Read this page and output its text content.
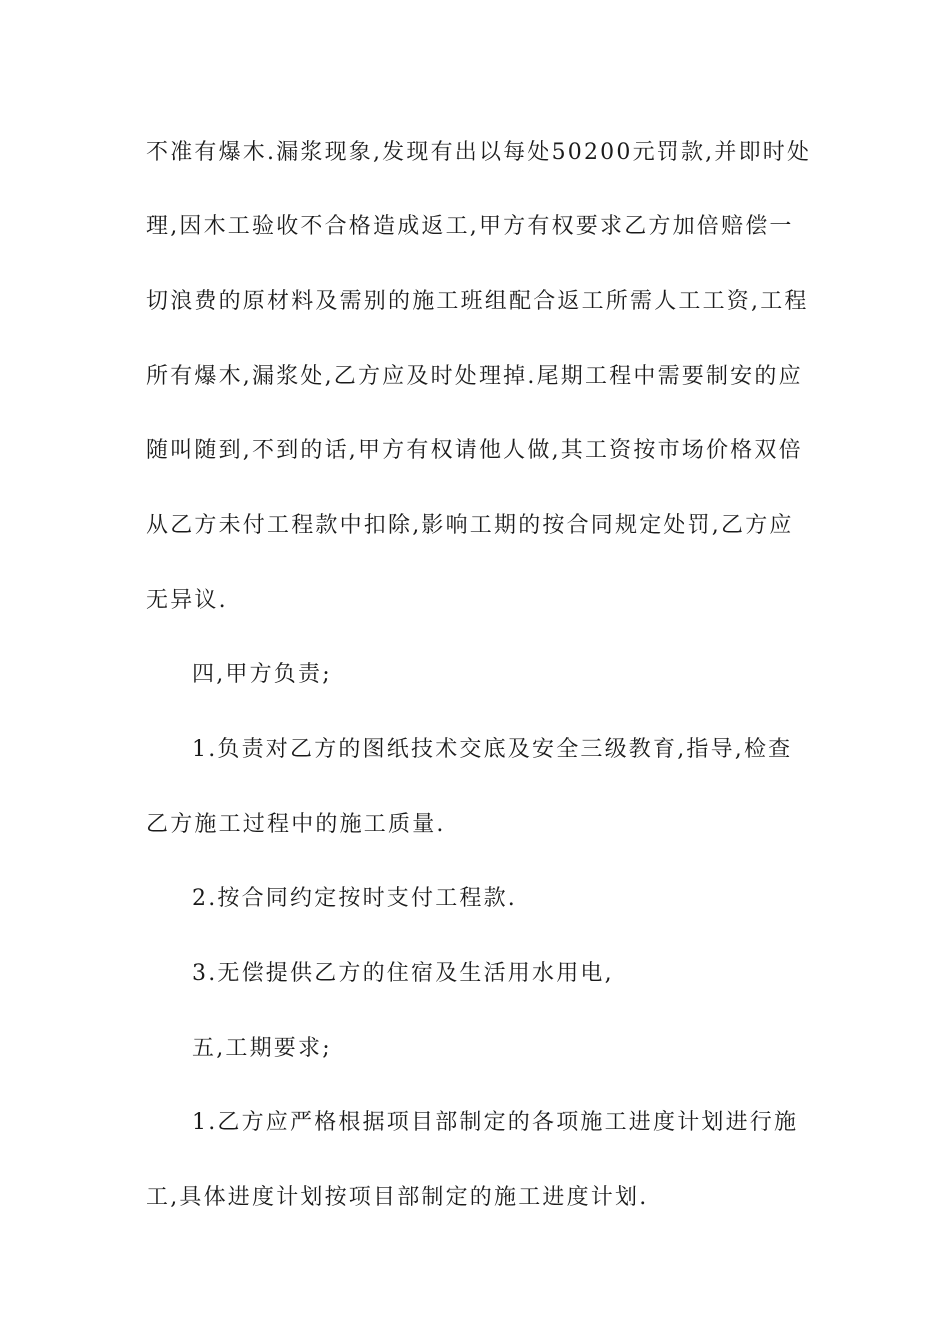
不准有爆木.漏浆现象,发现有出以每处50200元罚款,并即时处
理,因木工验收不合格造成返工,甲方有权要求乙方加倍赔偿一
切浪费的原材料及需别的施工班组配合返工所需人工工资,工程
所有爆木,漏浆处,乙方应及时处理掉.尾期工程中需要制安的应
随叫随到,不到的话,甲方有权请他人做,其工资按市场价格双倍
从乙方未付工程款中扣除,影响工期的按合同规定处罚,乙方应
无异议.
四,甲方负责;
1.负责对乙方的图纸技术交底及安全三级教育,指导,检查
乙方施工过程中的施工质量.
2.按合同约定按时支付工程款.
3.无偿提供乙方的住宿及生活用水用电,
五,工期要求;
1.乙方应严格根据项目部制定的各项施工进度计划进行施
工,具体进度计划按项目部制定的施工进度计划.
